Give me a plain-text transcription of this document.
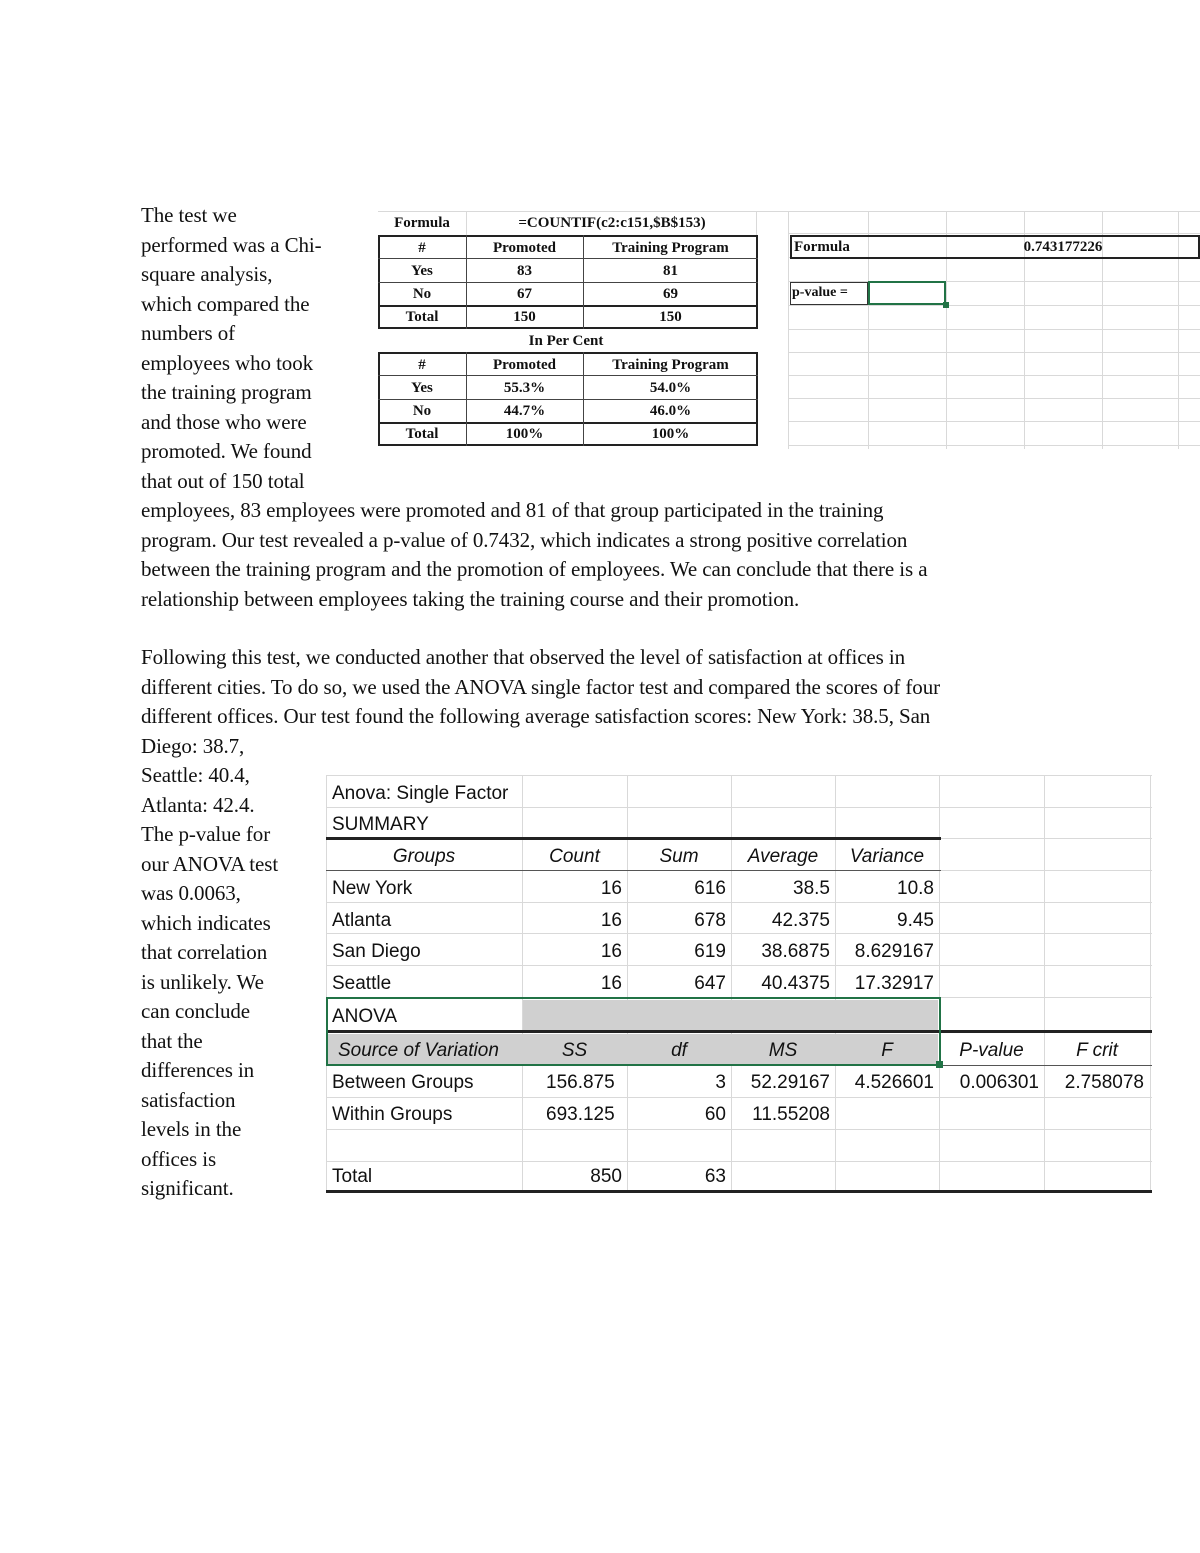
The test we
performed was a Chi-
square analysis,
which compared the
numbers of
employees who took
the training program
and those who were
promoted. We found
that out of 150 total
employees, 83 employees were promoted and 81 of that group participated in the training
program. Our test revealed a p-value of 0.7432, which indicates a strong positive correlation
between the training program and the promotion of employees. We can conclude that there is a
relationship between employees taking the training course and their promotion.
Following this test, we conducted another that observed the level of satisfaction at offices in
different cities. To do so, we used the ANOVA single factor test and compared the scores of four
different offices. Our test found the following average satisfaction scores: New York: 38.5, San
Diego: 38.7,
Seattle: 40.4,
Atlanta: 42.4.
The p-value for
our ANOVA test
was 0.0063,
which indicates
that correlation
is unlikely. We
can conclude
that the
differences in
satisfaction
levels in the
offices is
significant.
Formula	=COUNTIF(c2:c151,$B$153)
#	Promoted	Training Program
Yes	83	81
No	67	69
Total	150	150
In Per Cent
#	Promoted	Training Program
Yes	55.3%	54.0%
No	44.7%	46.0%
Total	100%	100%
Formula	0.743177226
p-value =
Anova: Single Factor
SUMMARY
Groups	Count	Sum	Average	Variance
New York	16	616	38.5	10.8
Atlanta	16	678	42.375	9.45
San Diego	16	619	38.6875	8.629167
Seattle	16	647	40.4375	17.32917
ANOVA
Source of Variation	SS	df	MS	F	P-value	F crit
Between Groups	156.875	3	52.29167	4.526601	0.006301	2.758078
Within Groups	693.125	60	11.55208
Total	850	63
